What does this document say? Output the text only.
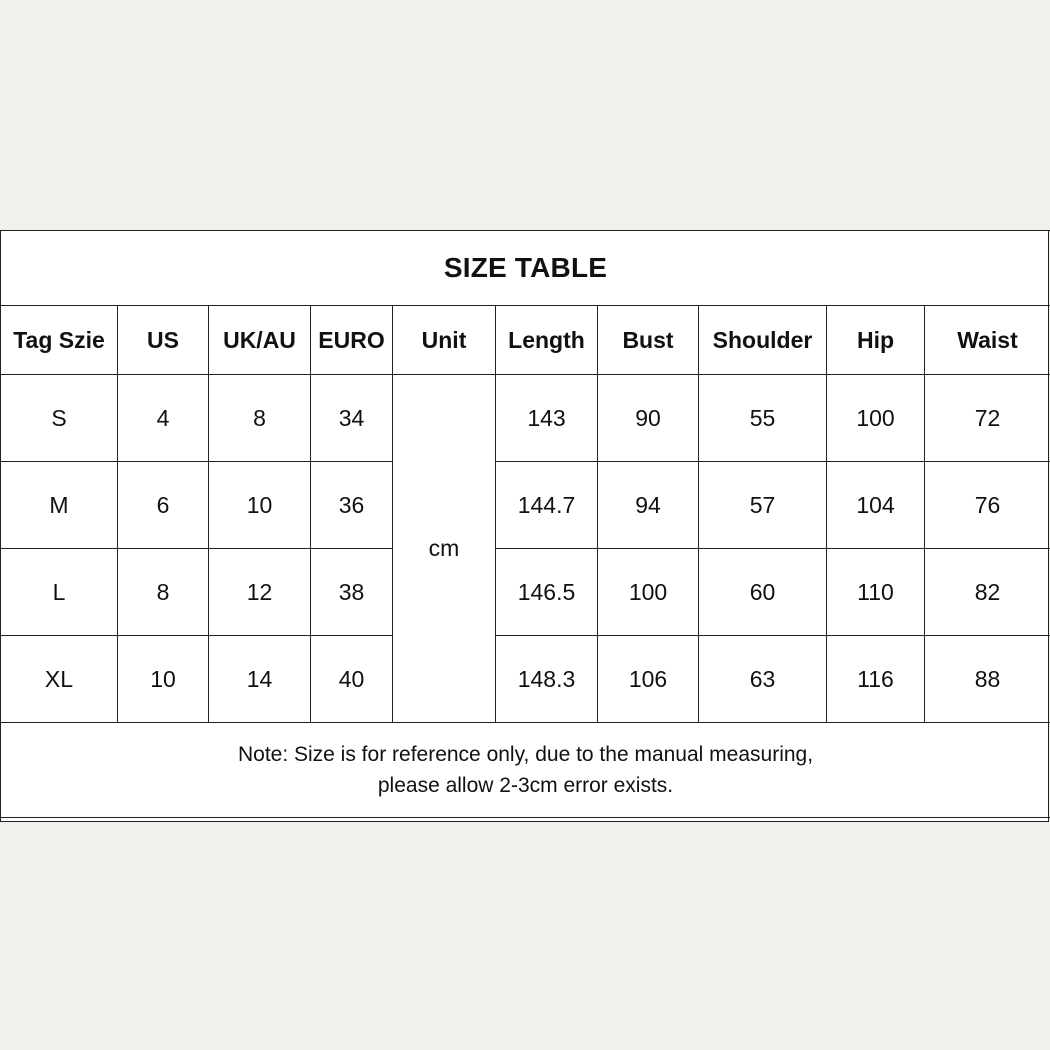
SIZE TABLE									
Tag Szie	US	UK/AU	EURO	Unit	Length	Bust	Shoulder	Hip	Waist
S	4	8	34	cm	143	90	55	100	72
M	6	10	36		144.7	94	57	104	76
L	8	12	38		146.5	100	60	110	82
XL	10	14	40		148.3	106	63	116	88

Note: Size is for reference only, due to the manual measuring,
please allow 2-3cm error exists.									
